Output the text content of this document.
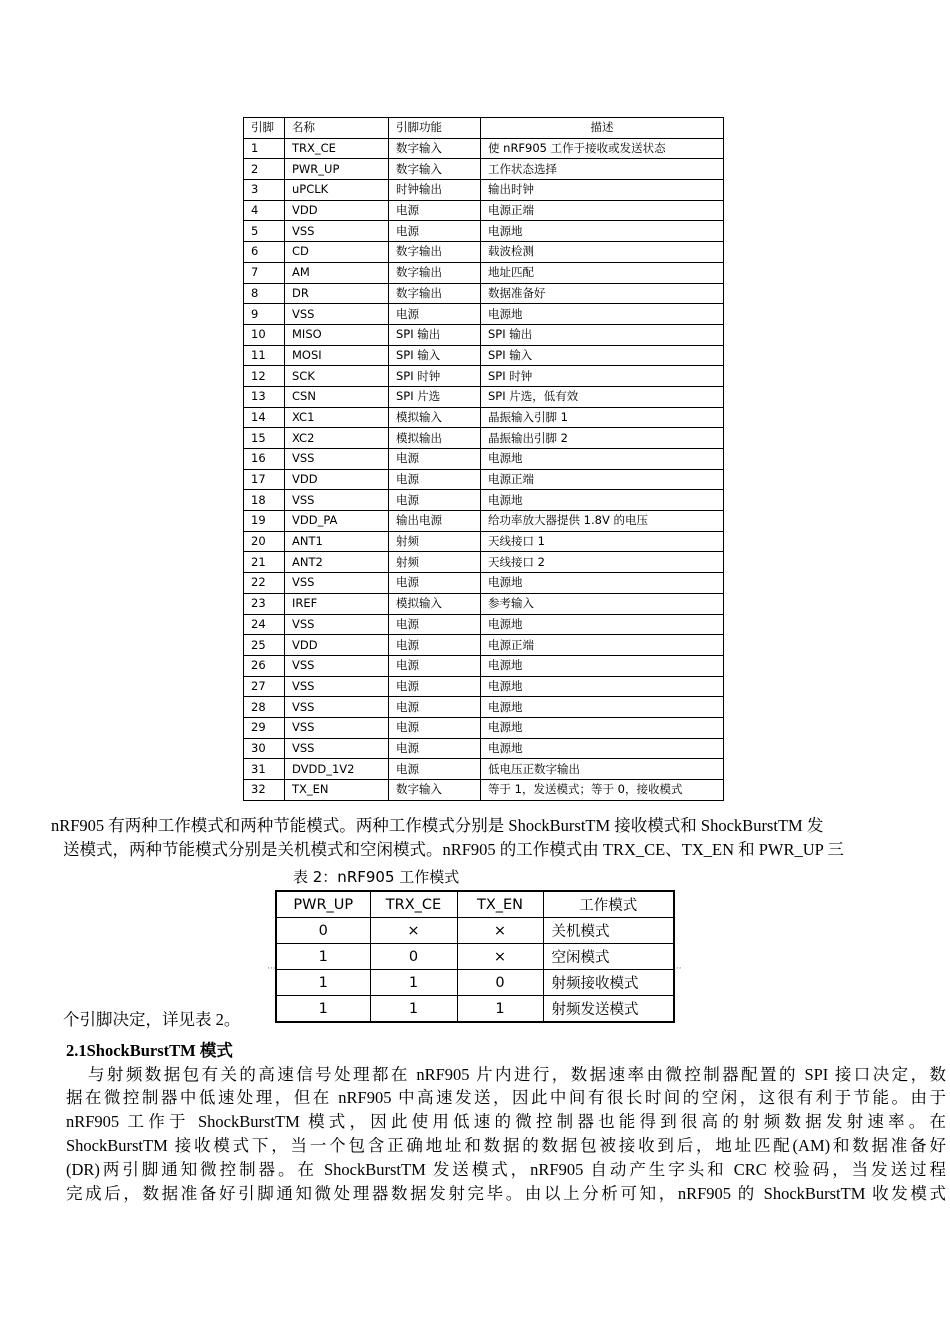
引脚	名称	引脚功能	描述
1	TRX_CE	数字输入	使 nRF905 工作于接收或发送状态
2	PWR_UP	数字输入	工作状态选择
3	uPCLK	时钟输出	输出时钟
4	VDD	电源	电源正端
5	VSS	电源	电源地
6	CD	数字输出	载波检测
7	AM	数字输出	地址匹配
8	DR	数字输出	数据准备好
9	VSS	电源	电源地
10	MISO	SPI 输出	SPI 输出
11	MOSI	SPI 输入	SPI 输入
12	SCK	SPI 时钟	SPI 时钟
13	CSN	SPI 片选	SPI 片选，低有效
14	XC1	模拟输入	晶振输入引脚 1
15	XC2	模拟输出	晶振输出引脚 2
16	VSS	电源	电源地
17	VDD	电源	电源正端
18	VSS	电源	电源地
19	VDD_PA	输出电源	给功率放大器提供 1.8V 的电压
20	ANT1	射频	天线接口 1
21	ANT2	射频	天线接口 2
22	VSS	电源	电源地
23	IREF	模拟输入	参考输入
24	VSS	电源	电源地
25	VDD	电源	电源正端
26	VSS	电源	电源地
27	VSS	电源	电源地
28	VSS	电源	电源地
29	VSS	电源	电源地
30	VSS	电源	电源地
31	DVDD_1V2	电源	低电压正数字输出
32	TX_EN	数字输入	等于 1，发送模式；等于 0，接收模式
nRF905 有两种工作模式和两种节能模式。两种工作模式分别是 ShockBurstTM 接收模式和 ShockBurstTM 发
送模式，两种节能模式分别是关机模式和空闲模式。nRF905 的工作模式由 TRX_CE、TX_EN 和 PWR_UP 三
表 2：nRF905 工作模式
···	···
PWR_UP	TRX_CE	TX_EN	工作模式
0	×	×	关机模式
1	0	×	空闲模式
1	1	0	射频接收模式
1	1	1	射频发送模式
个引脚决定，详见表 2。
2.1ShockBurstTM 模式
与射频数据包有关的高速信号处理都在 nRF905 片内进行，数据速率由微控制器配置的 SPI 接口决定，数
据在微控制器中低速处理，但在 nRF905 中高速发送，因此中间有很长时间的空闲，这很有利于节能。由于
nRF905 工作于 ShockBurstTM 模式，因此使用低速的微控制器也能得到很高的射频数据发射速率。在
ShockBurstTM 接收模式下，当一个包含正确地址和数据的数据包被接收到后，地址匹配(AM)和数据准备好
(DR)两引脚通知微控制器。在 ShockBurstTM 发送模式，nRF905 自动产生字头和 CRC 校验码，当发送过程
完成后，数据准备好引脚通知微处理器数据发射完毕。由以上分析可知，nRF905 的 ShockBurstTM 收发模式
